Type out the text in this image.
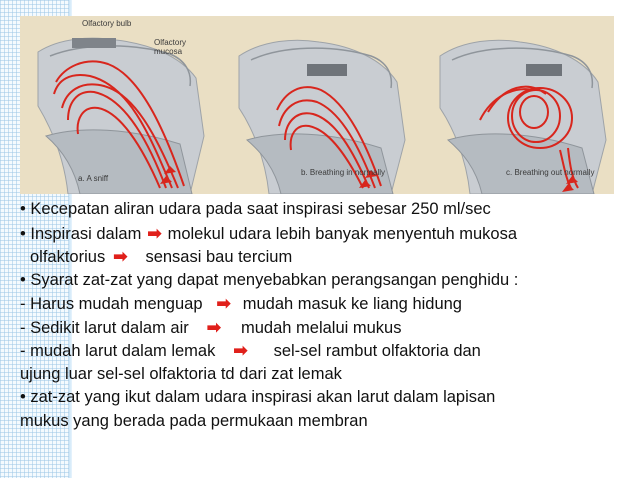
Olfactory bulb
Olfactory
mucosa
a. A sniff
b. Breathing in normally	c. Breathing out normally
• Kecepatan aliran udara pada saat inspirasi sebesar 250 ml/sec
• Inspirasi dalam ➡ molekul udara lebih banyak menyentuh mukosa
olfaktorius ➡ sensasi bau tercium
• Syarat zat-zat yang dapat menyebabkan perangsangan penghidu :
- Harus mudah menguap ➡ mudah masuk ke liang hidung
- Sedikit larut dalam air ➡ mudah melalui mukus
- mudah larut dalam lemak ➡ sel-sel rambut olfaktoria dan
ujung luar sel-sel olfaktoria td dari zat lemak
• zat-zat yang ikut dalam udara inspirasi akan larut dalam lapisan
mukus yang berada pada permukaan membran
